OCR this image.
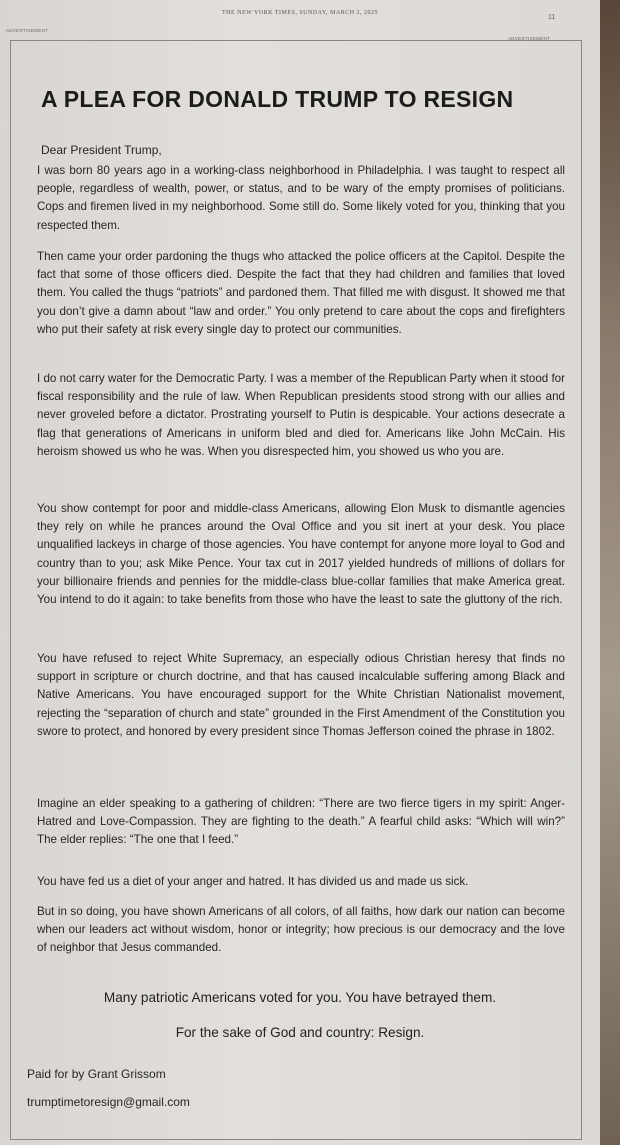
THE NEW YORK TIMES, SUNDAY, MARCH 2, 2025
11
ADVERTISEMENT
ADVERTISEMENT
A PLEA FOR DONALD TRUMP TO RESIGN

Dear President Trump,

I was born 80 years ago in a working-class neighborhood in Philadelphia. I was taught to respect all people, regardless of wealth, power, or status, and to be wary of the empty promises of politicians. Cops and firemen lived in my neighborhood. Some still do. Some likely voted for you, thinking that you respected them.

Then came your order pardoning the thugs who attacked the police officers at the Capitol. Despite the fact that some of those officers died. Despite the fact that they had children and families that loved them. You called the thugs “patriots” and pardoned them. That filled me with disgust. It showed me that you don’t give a damn about “law and order.” You only pretend to care about the cops and firefighters who put their safety at risk every single day to protect our communities.

I do not carry water for the Democratic Party. I was a member of the Republican Party when it stood for fiscal responsibility and the rule of law. When Republican presidents stood strong with our allies and never groveled before a dictator. Prostrating yourself to Putin is despicable. Your actions desecrate a flag that generations of Americans in uniform bled and died for. Americans like John McCain. His heroism showed us who he was. When you disrespected him, you showed us who you are.

You show contempt for poor and middle-class Americans, allowing Elon Musk to dismantle agencies they rely on while he prances around the Oval Office and you sit inert at your desk. You place unqualified lackeys in charge of those agencies. You have contempt for anyone more loyal to God and country than to you; ask Mike Pence. Your tax cut in 2017 yielded hundreds of millions of dollars for your billionaire friends and pennies for the middle-class blue-collar families that make America great. You intend to do it again: to take benefits from those who have the least to sate the gluttony of the rich.

You have refused to reject White Supremacy, an especially odious Christian heresy that finds no support in scripture or church doctrine, and that has caused incalculable suffering among Black and Native Americans. You have encouraged support for the White Christian Nationalist movement, rejecting the “separation of church and state” grounded in the First Amendment of the Constitution you swore to protect, and honored by every president since Thomas Jefferson coined the phrase in 1802.

Imagine an elder speaking to a gathering of children: “There are two fierce tigers in my spirit: Anger-Hatred and Love-Compassion. They are fighting to the death.” A fearful child asks: “Which will win?” The elder replies: “The one that I feed.”

You have fed us a diet of your anger and hatred. It has divided us and made us sick.

But in so doing, you have shown Americans of all colors, of all faiths, how dark our nation can become when our leaders act without wisdom, honor or integrity; how precious is our democracy and the love of neighbor that Jesus commanded.

Many patriotic Americans voted for you. You have betrayed them.

For the sake of God and country: Resign.

Paid for by Grant Grissom

trumptimetoresign@gmail.com
